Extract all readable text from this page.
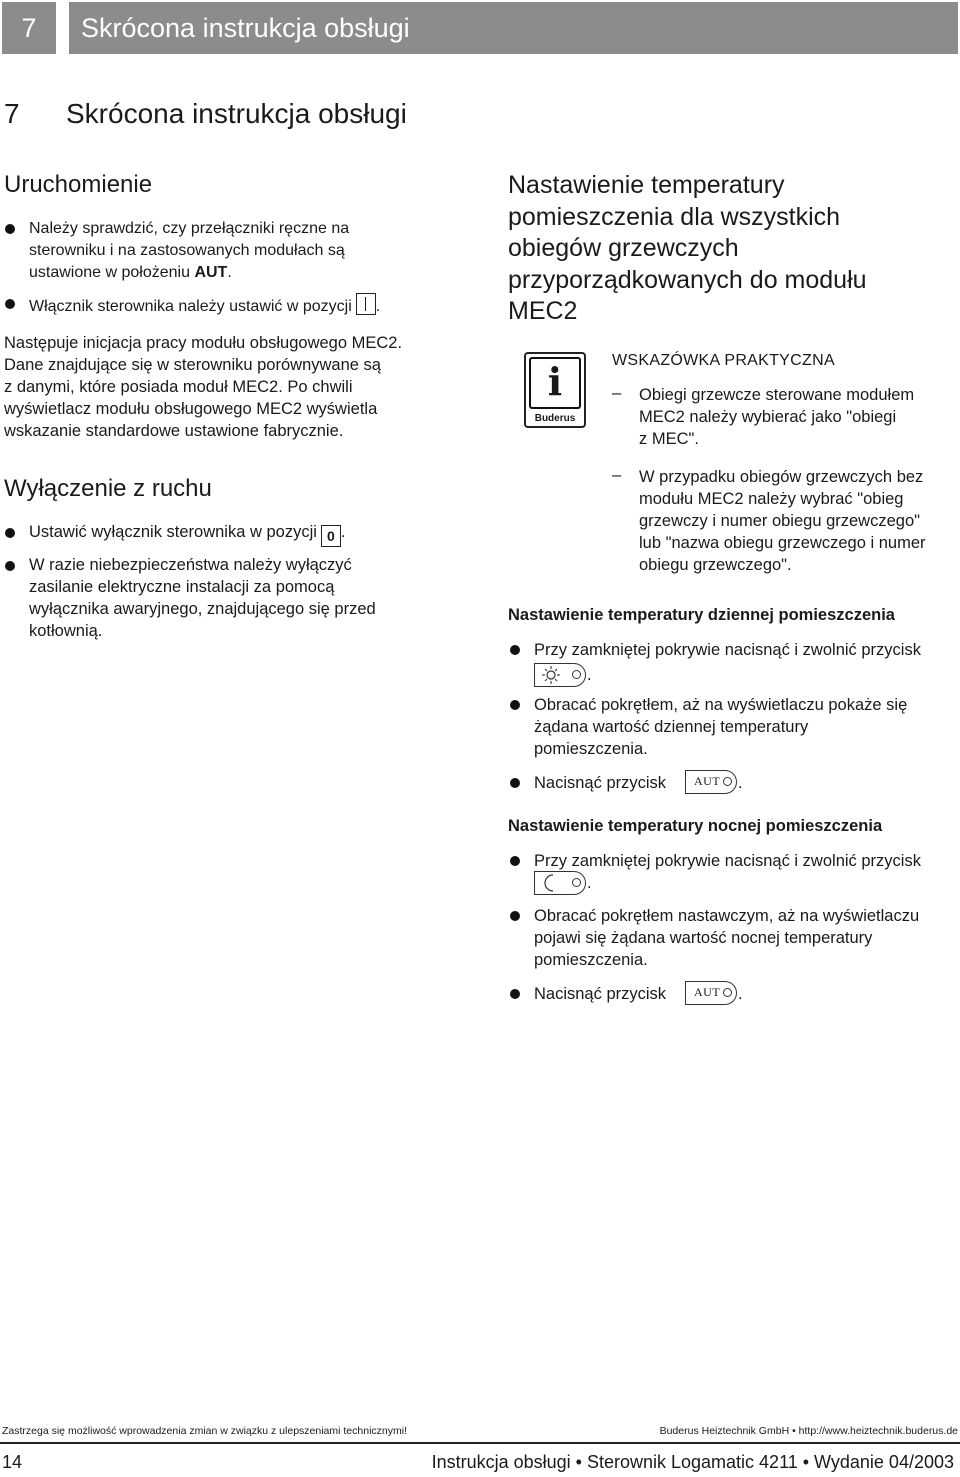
7	Skrócona instrukcja obsługi
7 Skrócona instrukcja obsługi
Uruchomienie
Należy sprawdzić, czy przełączniki ręczne na
sterowniku i na zastosowanych modułach są
ustawione w położeniu AUT.
Włącznik sterownika należy ustawić w pozycji .
Następuje inicjacja pracy modułu obsługowego MEC2.
Dane znajdujące się w sterowniku porównywane są
z danymi, które posiada moduł MEC2. Po chwili
wyświetlacz modułu obsługowego MEC2 wyświetla
wskazanie standardowe ustawione fabrycznie.
Wyłączenie z ruchu
Ustawić wyłącznik sterownika w pozycji 0 .
W razie niebezpieczeństwa należy wyłączyć
zasilanie elektryczne instalacji za pomocą
wyłącznika awaryjnego, znajdującego się przed
kotłownią.
Nastawienie temperatury
pomieszczenia dla wszystkich
obiegów grzewczych
przyporządkowanych do modułu
MEC2
i
Buderus
WSKAZÓWKA PRAKTYCZNA
– Obiegi grzewcze sterowane modułem
MEC2 należy wybierać jako "obiegi
z MEC".
– W przypadku obiegów grzewczych bez
modułu MEC2 należy wybrać "obieg
grzewczy i numer obiegu grzewczego"
lub "nazwa obiegu grzewczego i numer
obiegu grzewczego".
Nastawienie temperatury dziennej pomieszczenia
Przy zamkniętej pokrywie nacisnąć i zwolnić przycisk
.
Obracać pokrętłem, aż na wyświetlaczu pokaże się
żądana wartość dziennej temperatury
pomieszczenia.
Nacisnąć przycisk AUT .
Nastawienie temperatury nocnej pomieszczenia
Przy zamkniętej pokrywie nacisnąć i zwolnić przycisk
.
Obracać pokrętłem nastawczym, aż na wyświetlaczu
pojawi się żądana wartość nocnej temperatury
pomieszczenia.
Nacisnąć przycisk AUT .
Zastrzega się możliwość wprowadzenia zmian w związku z ulepszeniami technicznymi!	Buderus Heiztechnik GmbH • http://www.heiztechnik.buderus.de
14	Instrukcja obsługi • Sterownik Logamatic 4211 • Wydanie 04/2003
